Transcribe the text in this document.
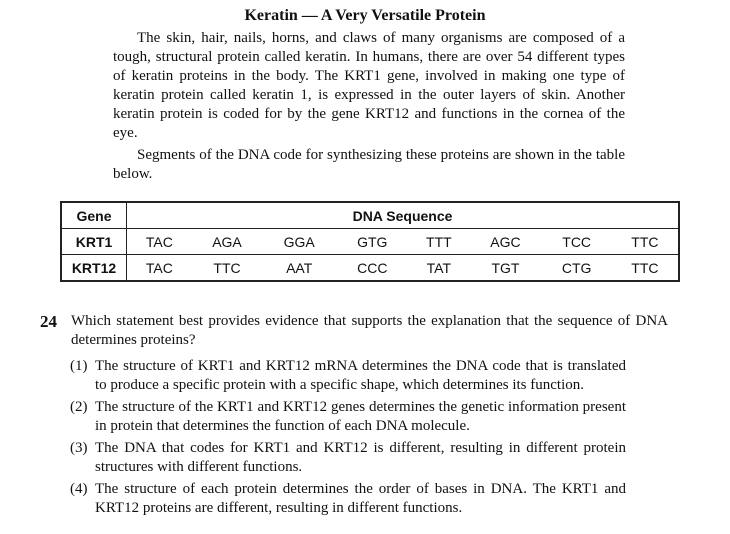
Keratin — A Very Versatile Protein

The skin, hair, nails, horns, and claws of many organisms are composed of a tough, structural protein called keratin. In humans, there are over 54 different types of keratin proteins in the body. The KRT1 gene, involved in making one type of keratin protein called keratin 1, is expressed in the outer layers of skin. Another keratin protein is coded for by the gene KRT12 and functions in the cornea of the eye.

Segments of the DNA code for synthesizing these proteins are shown in the table below.

Gene	DNA Sequence							
KRT1	TAC	AGA	GGA	GTG	TTT	AGC	TCC	TTC
KRT12	TAC	TTC	AAT	CCC	TAT	TGT	CTG	TTC
24 Which statement best provides evidence that supports the explanation that the sequence of DNA determines proteins?
(1) The structure of KRT1 and KRT12 mRNA determines the DNA code that is translated to produce a specific protein with a specific shape, which determines its function.
(2) The structure of the KRT1 and KRT12 genes determines the genetic information present in protein that determines the function of each DNA molecule.
(3) The DNA that codes for KRT1 and KRT12 is different, resulting in different protein structures with different functions.
(4) The structure of each protein determines the order of bases in DNA. The KRT1 and KRT12 proteins are different, resulting in different functions.
